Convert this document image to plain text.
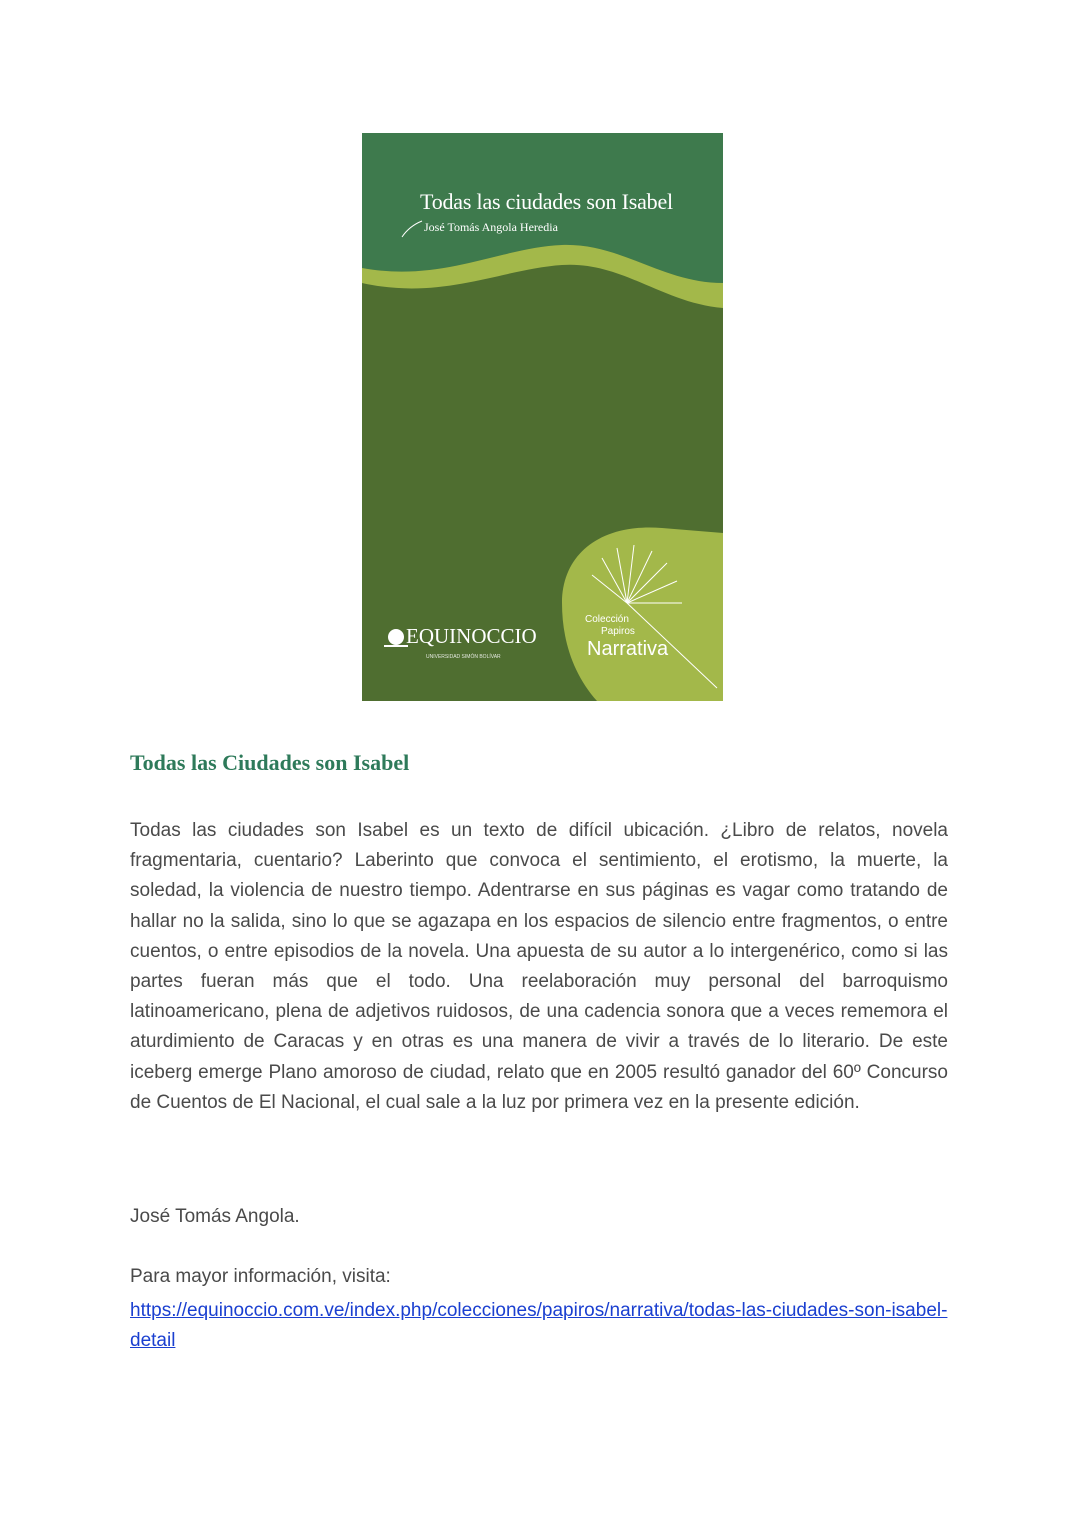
Todas las ciudades son Isabel
José Tomás Angola Heredia
EQUINOCCIO
UNIVERSIDAD SIMÓN BOLÍVAR
Colección
Papiros
Narrativa
Todas las Ciudades son Isabel

Todas las ciudades son Isabel es un texto de difícil ubicación. ¿Libro de relatos, novela fragmentaria, cuentario? Laberinto que convoca el sentimiento, el erotismo, la muerte, la soledad, la violencia de nuestro tiempo. Adentrarse en sus páginas es vagar como tratando de hallar no la salida, sino lo que se agazapa en los espacios de silencio entre fragmentos, o entre cuentos, o entre episodios de la novela. Una apuesta de su autor a lo intergenérico, como si las partes fueran más que el todo. Una reelaboración muy personal del barroquismo latinoamericano, plena de adjetivos ruidosos, de una cadencia sonora que a veces rememora el aturdimiento de Caracas y en otras es una manera de vivir a través de lo literario. De este iceberg emerge Plano amoroso de ciudad, relato que en 2005 resultó ganador del 60º Concurso de Cuentos de El Nacional, el cual sale a la luz por primera vez en la presente edición.

José Tomás Angola.

Para mayor información, visita:

https://equinoccio.com.ve/index.php/colecciones/papiros/narrativa/todas-las-ciudades-son-isabel-detail
